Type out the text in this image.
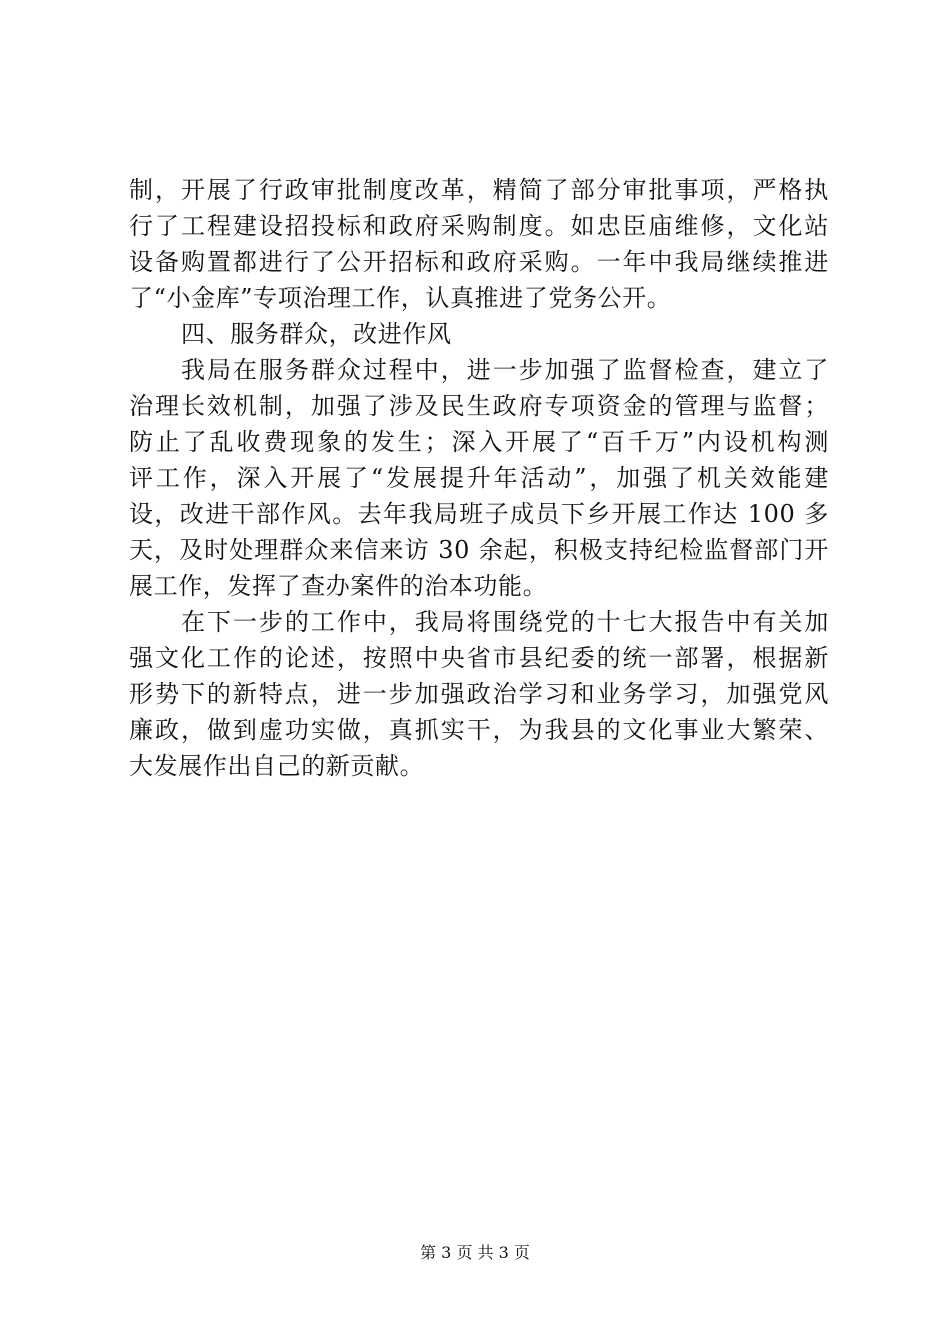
制，开展了行政审批制度改革，精简了部分审批事项，严格执
行了工程建设招投标和政府采购制度。如忠臣庙维修，文化站
设备购置都进行了公开招标和政府采购。一年中我局继续推进
了“小金库”专项治理工作，认真推进了党务公开。
四、服务群众，改进作风
我局在服务群众过程中，进一步加强了监督检查，建立了
治理长效机制，加强了涉及民生政府专项资金的管理与监督；
防止了乱收费现象的发生；深入开展了“百千万”内设机构测
评工作，深入开展了“发展提升年活动”，加强了机关效能建
设，改进干部作风。去年我局班子成员下乡开展工作达 100 多
天，及时处理群众来信来访 30 余起，积极支持纪检监督部门开
展工作，发挥了查办案件的治本功能。
在下一步的工作中，我局将围绕党的十七大报告中有关加
强文化工作的论述，按照中央省市县纪委的统一部署，根据新
形势下的新特点，进一步加强政治学习和业务学习，加强党风
廉政，做到虚功实做，真抓实干，为我县的文化事业大繁荣、
大发展作出自己的新贡献。
第 3 页 共 3 页
